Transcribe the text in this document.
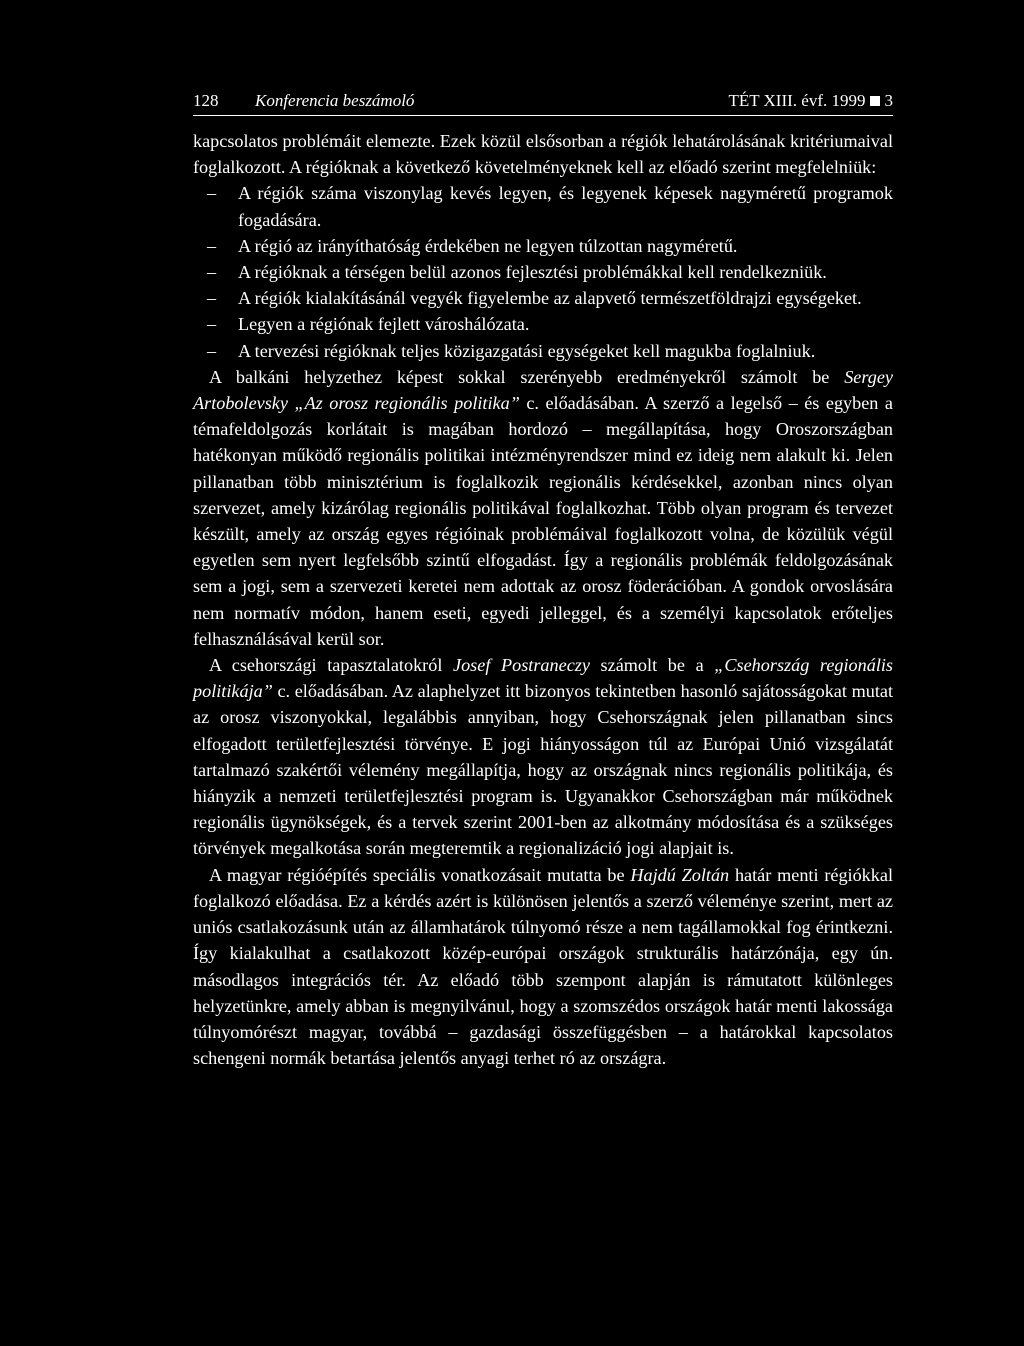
128 Konferencia beszámoló	TÉT XIII. évf. 1999 3

kapcsolatos problémáit elemezte. Ezek közül elsősorban a régiók lehatárolásának kritériumaival foglalkozott. A régióknak a következő követelményeknek kell az előadó szerint megfelelniük:

– A régiók száma viszonylag kevés legyen, és legyenek képesek nagyméretű programok fogadására.
– A régió az irányíthatóság érdekében ne legyen túlzottan nagyméretű.
– A régióknak a térségen belül azonos fejlesztési problémákkal kell rendelkezniük.
– A régiók kialakításánál vegyék figyelembe az alapvető természetföldrajzi egységeket.
– Legyen a régiónak fejlett városhálózata.
– A tervezési régióknak teljes közigazgatási egységeket kell magukba foglalniuk.

A balkáni helyzethez képest sokkal szerényebb eredményekről számolt be Sergey Artobolevsky „Az orosz regionális politika” c. előadásában. A szerző a legelső – és egyben a témafeldolgozás korlátait is magában hordozó – megállapítása, hogy Oroszországban hatékonyan működő regionális politikai intézményrendszer mind ez ideig nem alakult ki. Jelen pillanatban több minisztérium is foglalkozik regionális kérdésekkel, azonban nincs olyan szervezet, amely kizárólag regionális politikával foglalkozhat. Több olyan program és tervezet készült, amely az ország egyes régióinak problémáival foglalkozott volna, de közülük végül egyetlen sem nyert legfelsőbb szintű elfogadást. Így a regionális problémák feldolgozásának sem a jogi, sem a szervezeti keretei nem adottak az orosz föderációban. A gondok orvoslására nem normatív módon, hanem eseti, egyedi jelleggel, és a személyi kapcsolatok erőteljes felhasználásával kerül sor.

A csehországi tapasztalatokról Josef Postraneczy számolt be a „Csehország regionális politikája” c. előadásában. Az alaphelyzet itt bizonyos tekintetben hasonló sajátosságokat mutat az orosz viszonyokkal, legalábbis annyiban, hogy Csehországnak jelen pillanatban sincs elfogadott területfejlesztési törvénye. E jogi hiányosságon túl az Európai Unió vizsgálatát tartalmazó szakértői vélemény megállapítja, hogy az országnak nincs regionális politikája, és hiányzik a nemzeti területfejlesztési program is. Ugyanakkor Csehországban már működnek regionális ügynökségek, és a tervek szerint 2001-ben az alkotmány módosítása és a szükséges törvények megalkotása során megteremtik a regionalizáció jogi alapjait is.

A magyar régióépítés speciális vonatkozásait mutatta be Hajdú Zoltán határ menti régiókkal foglalkozó előadása. Ez a kérdés azért is különösen jelentős a szerző véleménye szerint, mert az uniós csatlakozásunk után az államhatárok túlnyomó része a nem tagállamokkal fog érintkezni. Így kialakulhat a csatlakozott közép-európai országok strukturális határzónája, egy ún. másodlagos integrációs tér. Az előadó több szempont alapján is rámutatott különleges helyzetünkre, amely abban is megnyilvánul, hogy a szomszédos országok határ menti lakossága túlnyomórészt magyar, továbbá – gazdasági összefüggésben – a határokkal kapcsolatos schengeni normák betartása jelentős anyagi terhet ró az országra.
